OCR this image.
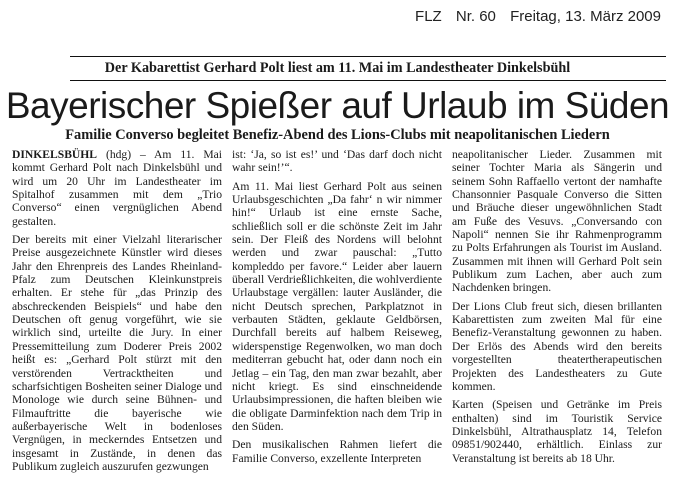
FLZ Nr. 60 Freitag, 13. März 2009
Der Kabarettist Gerhard Polt liest am 11. Mai im Landestheater Dinkelsbühl
Bayerischer Spießer auf Urlaub im Süden
Familie Converso begleitet Benefiz-Abend des Lions-Clubs mit neapolitanischen Liedern

DINKELSBÜHL (hdg) – Am 11. Mai kommt Gerhard Polt nach Dinkelsbühl und wird um 20 Uhr im Landestheater im Spitalhof zusammen mit dem „Trio Converso“ einen vergnüglichen Abend gestalten.

Der bereits mit einer Vielzahl literarischer Preise ausgezeichnete Künstler wird dieses Jahr den Ehrenpreis des Landes Rheinland-Pfalz zum Deutschen Kleinkunstpreis erhalten. Er stehe für „das Prinzip des abschreckenden Beispiels“ und habe den Deutschen oft genug vorgeführt, wie sie wirklich sind, urteilte die Jury. In einer Pressemitteilung zum Doderer Preis 2002 heißt es: „Gerhard Polt stürzt mit den verstörenden Vertracktheiten und scharfsichtigen Bosheiten seiner Dialoge und Monologe wie durch seine Bühnen- und Filmauftritte die bayerische wie außerbayerische Welt in bodenloses Vergnügen, in meckerndes Entsetzen und insgesamt in Zustände, in denen das Publikum zugleich auszurufen gezwungen

ist: ‘Ja, so ist es!’ und ‘Das darf doch nicht wahr sein!’“.

Am 11. Mai liest Gerhard Polt aus seinen Urlaubsgeschichten „Da fahr‘ n wir nimmer hin!“ Urlaub ist eine ernste Sache, schließlich soll er die schönste Zeit im Jahr sein. Der Fleiß des Nordens will belohnt werden und zwar pauschal: „Tutto kompleddo per favore.“ Leider aber lauern überall Verdrießlichkeiten, die wohlverdiente Urlaubstage vergällen: lauter Ausländer, die nicht Deutsch sprechen, Parkplatznot in verbauten Städten, geklaute Geldbörsen, Durchfall bereits auf halbem Reiseweg, widerspenstige Regenwolken, wo man doch mediterran gebucht hat, oder dann noch ein Jetlag – ein Tag, den man zwar bezahlt, aber nicht kriegt. Es sind einschneidende Urlaubsimpressionen, die haften bleiben wie die obligate Darminfektion nach dem Trip in den Süden.

Den musikalischen Rahmen liefert die Familie Converso, exzellente Interpreten

neapolitanischer Lieder. Zusammen mit seiner Tochter Maria als Sängerin und seinem Sohn Raffaello vertont der namhafte Chansonnier Pasquale Converso die Sitten und Bräuche dieser ungewöhnlichen Stadt am Fuße des Vesuvs. „Conversando con Napoli“ nennen Sie ihr Rahmenprogramm zu Polts Erfahrungen als Tourist im Ausland. Zusammen mit ihnen will Gerhard Polt sein Publikum zum Lachen, aber auch zum Nachdenken bringen.

Der Lions Club freut sich, diesen brillanten Kabarettisten zum zweiten Mal für eine Benefiz-Veranstaltung gewonnen zu haben. Der Erlös des Abends wird den bereits vorgestellten theatertherapeutischen Projekten des Landestheaters zu Gute kommen.

Karten (Speisen und Getränke im Preis enthalten) sind im Touristik Service Dinkelsbühl, Altrathausplatz 14, Telefon 09851/902440, erhältlich. Einlass zur Veranstaltung ist bereits ab 18 Uhr.
